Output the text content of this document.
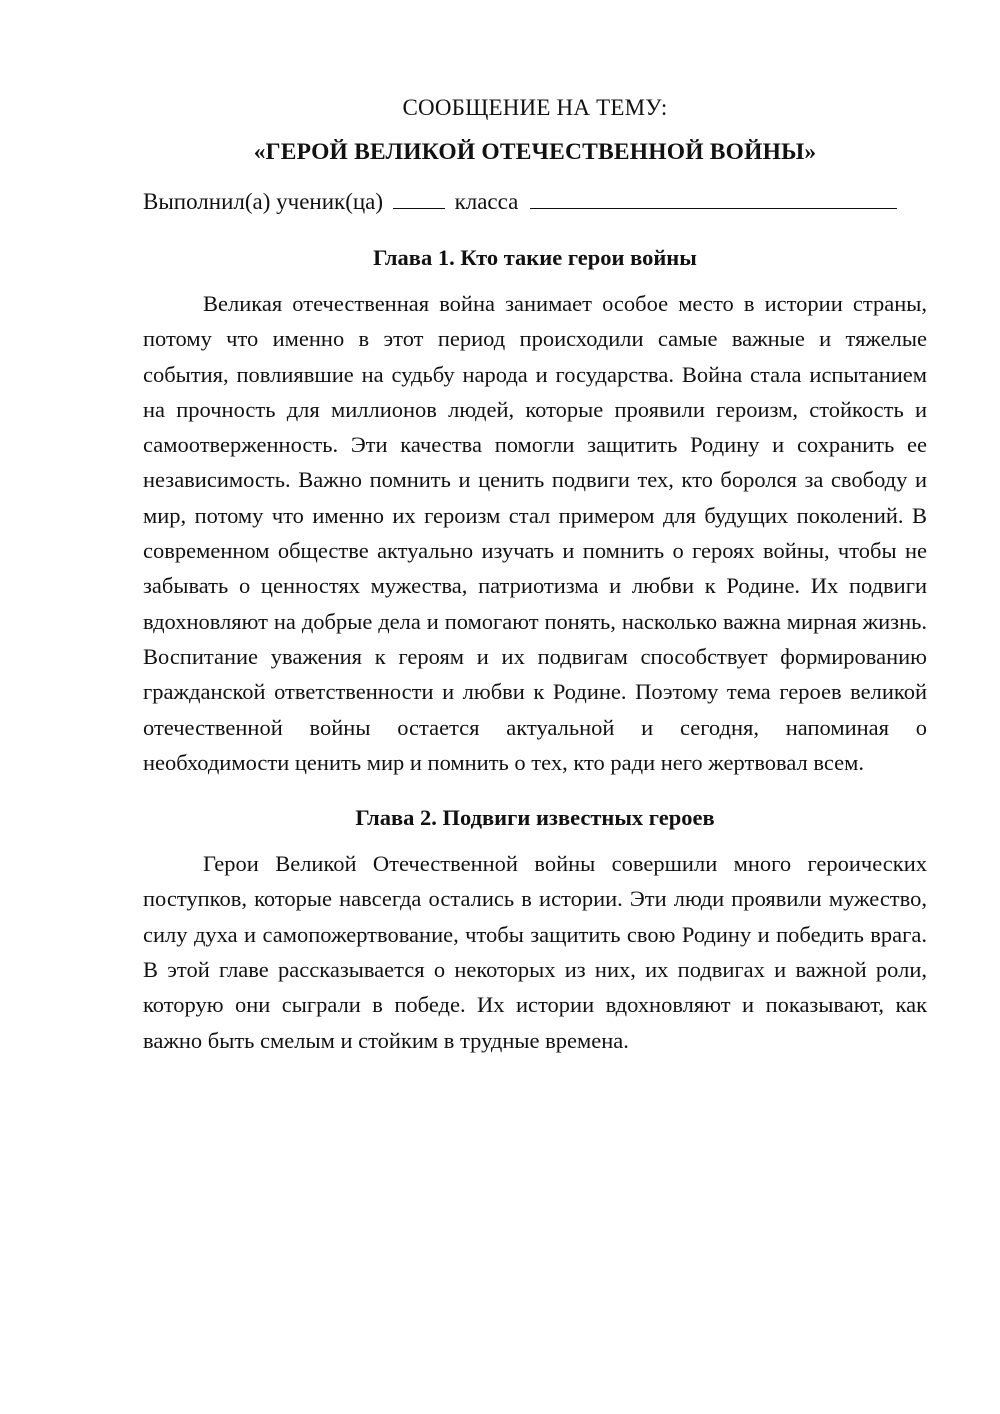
СООБЩЕНИЕ НА ТЕМУ:

«ГЕРОЙ ВЕЛИКОЙ ОТЕЧЕСТВЕННОЙ ВОЙНЫ»

Выполнил(а) ученик(ца)	класса
Глава 1. Кто такие герои войны

Великая отечественная война занимает особое место в истории страны, потому что именно в этот период происходили самые важные и тяжелые события, повлиявшие на судьбу народа и государства. Война стала испытанием на прочность для миллионов людей, которые проявили героизм, стойкость и самоотверженность. Эти качества помогли защитить Родину и сохранить ее независимость. Важно помнить и ценить подвиги тех, кто боролся за свободу и мир, потому что именно их героизм стал примером для будущих поколений. В современном обществе актуально изучать и помнить о героях войны, чтобы не забывать о ценностях мужества, патриотизма и любви к Родине. Их подвиги вдохновляют на добрые дела и помогают понять, насколько важна мирная жизнь. Воспитание уважения к героям и их подвигам способствует формированию гражданской ответственности и любви к Родине. Поэтому тема героев великой отечественной войны остается актуальной и сегодня, напоминая о необходимости ценить мир и помнить о тех, кто ради него жертвовал всем.

Глава 2. Подвиги известных героев

Герои Великой Отечественной войны совершили много героических поступков, которые навсегда остались в истории. Эти люди проявили мужество, силу духа и самопожертвование, чтобы защитить свою Родину и победить врага. В этой главе рассказывается о некоторых из них, их подвигах и важной роли, которую они сыграли в победе. Их истории вдохновляют и показывают, как важно быть смелым и стойким в трудные времена.
